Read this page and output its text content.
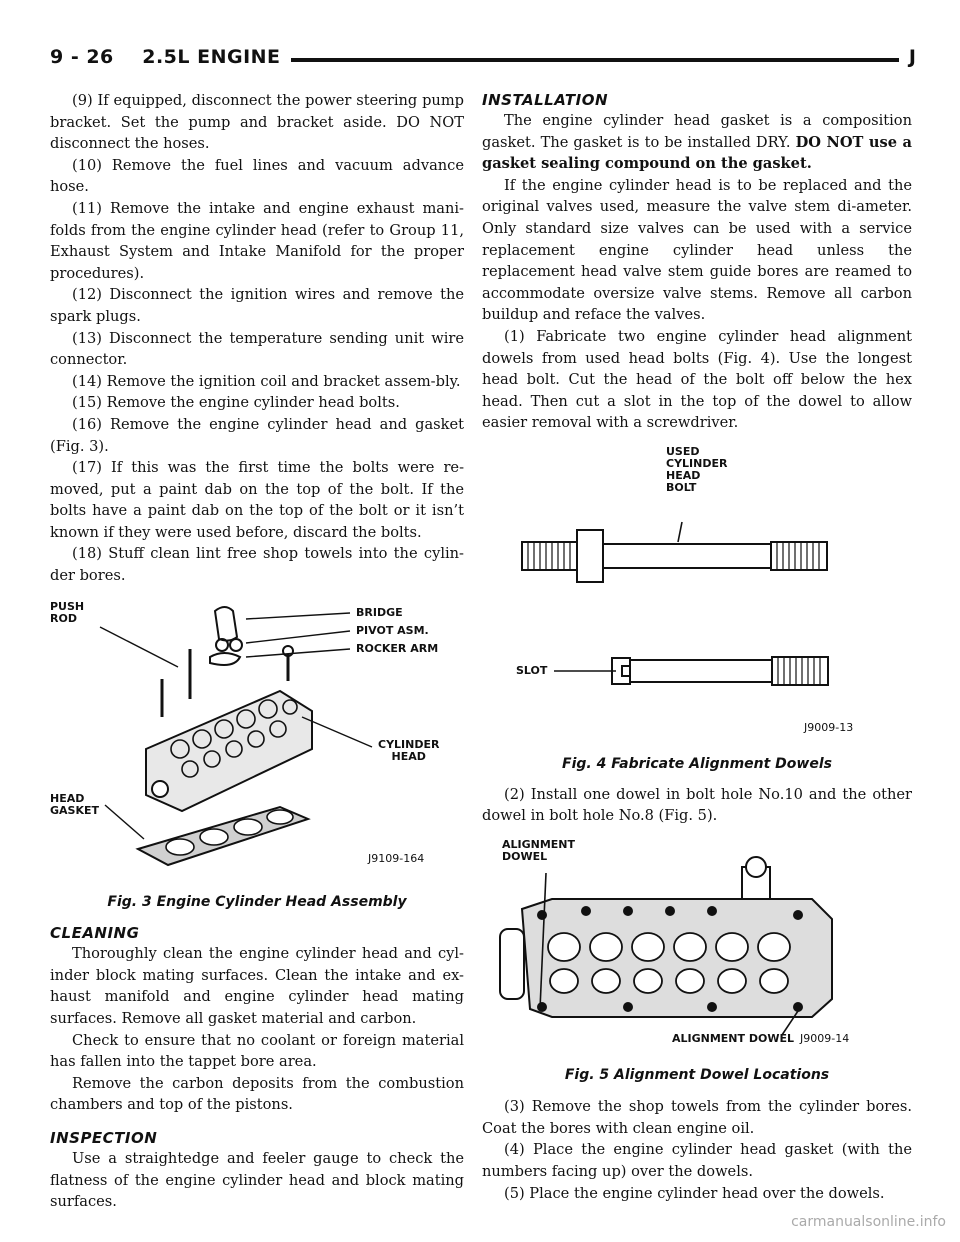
9 - 26    2.5L ENGINE	J

(9) If equipped, disconnect the power steering pump bracket. Set the pump and bracket aside. DO NOT disconnect the hoses.

(10) Remove the fuel lines and vacuum advance hose.

(11) Remove the intake and engine exhaust mani-folds from the engine cylinder head (refer to Group 11, Exhaust System and Intake Manifold for the proper procedures).

(12) Disconnect the ignition wires and remove the spark plugs.

(13) Disconnect the temperature sending unit wire connector.

(14) Remove the ignition coil and bracket assem-bly.

(15) Remove the engine cylinder head bolts.

(16) Remove the engine cylinder head and gasket (Fig. 3).

(17) If this was the first time the bolts were re-moved, put a paint dab on the top of the bolt. If the bolts have a paint dab on the top of the bolt or it isn’t known if they were used before, discard the bolts.

(18) Stuff clean lint free shop towels into the cylin-der bores.

PUSH
ROD	BRIDGE
PIVOT ASM.
ROCKER ARM
CYLINDER
HEAD
HEAD
GASKET
J9109-164

Fig. 3 Engine Cylinder Head Assembly

CLEANING

Thoroughly clean the engine cylinder head and cyl-inder block mating surfaces. Clean the intake and ex-haust manifold and engine cylinder head mating surfaces. Remove all gasket material and carbon.

Check to ensure that no coolant or foreign material has fallen into the tappet bore area.

Remove the carbon deposits from the combustion chambers and top of the pistons.

INSPECTION

Use a straightedge and feeler gauge to check the flatness of the engine cylinder head and block mating surfaces.

INSTALLATION

The engine cylinder head gasket is a composition gasket. The gasket is to be installed DRY. DO NOT use a gasket sealing compound on the gasket.

If the engine cylinder head is to be replaced and the original valves used, measure the valve stem di-ameter. Only standard size valves can be used with a service replacement engine cylinder head unless the replacement head valve stem guide bores are reamed to accommodate oversize valve stems. Remove all carbon buildup and reface the valves.

(1) Fabricate two engine cylinder head alignment dowels from used head bolts (Fig. 4). Use the longest head bolt. Cut the head of the bolt off below the hex head. Then cut a slot in the top of the dowel to allow easier removal with a screwdriver.

USED
CYLINDER
HEAD
BOLT
SLOT
J9009-13

Fig. 4 Fabricate Alignment Dowels

(2) Install one dowel in bolt hole No.10 and the other dowel in bolt hole No.8 (Fig. 5).

ALIGNMENT
DOWEL
ALIGNMENT DOWEL J9009-14

Fig. 5 Alignment Dowel Locations

(3) Remove the shop towels from the cylinder bores. Coat the bores with clean engine oil.

(4) Place the engine cylinder head gasket (with the numbers facing up) over the dowels.

(5) Place the engine cylinder head over the dowels.

carmanualsonline.info
